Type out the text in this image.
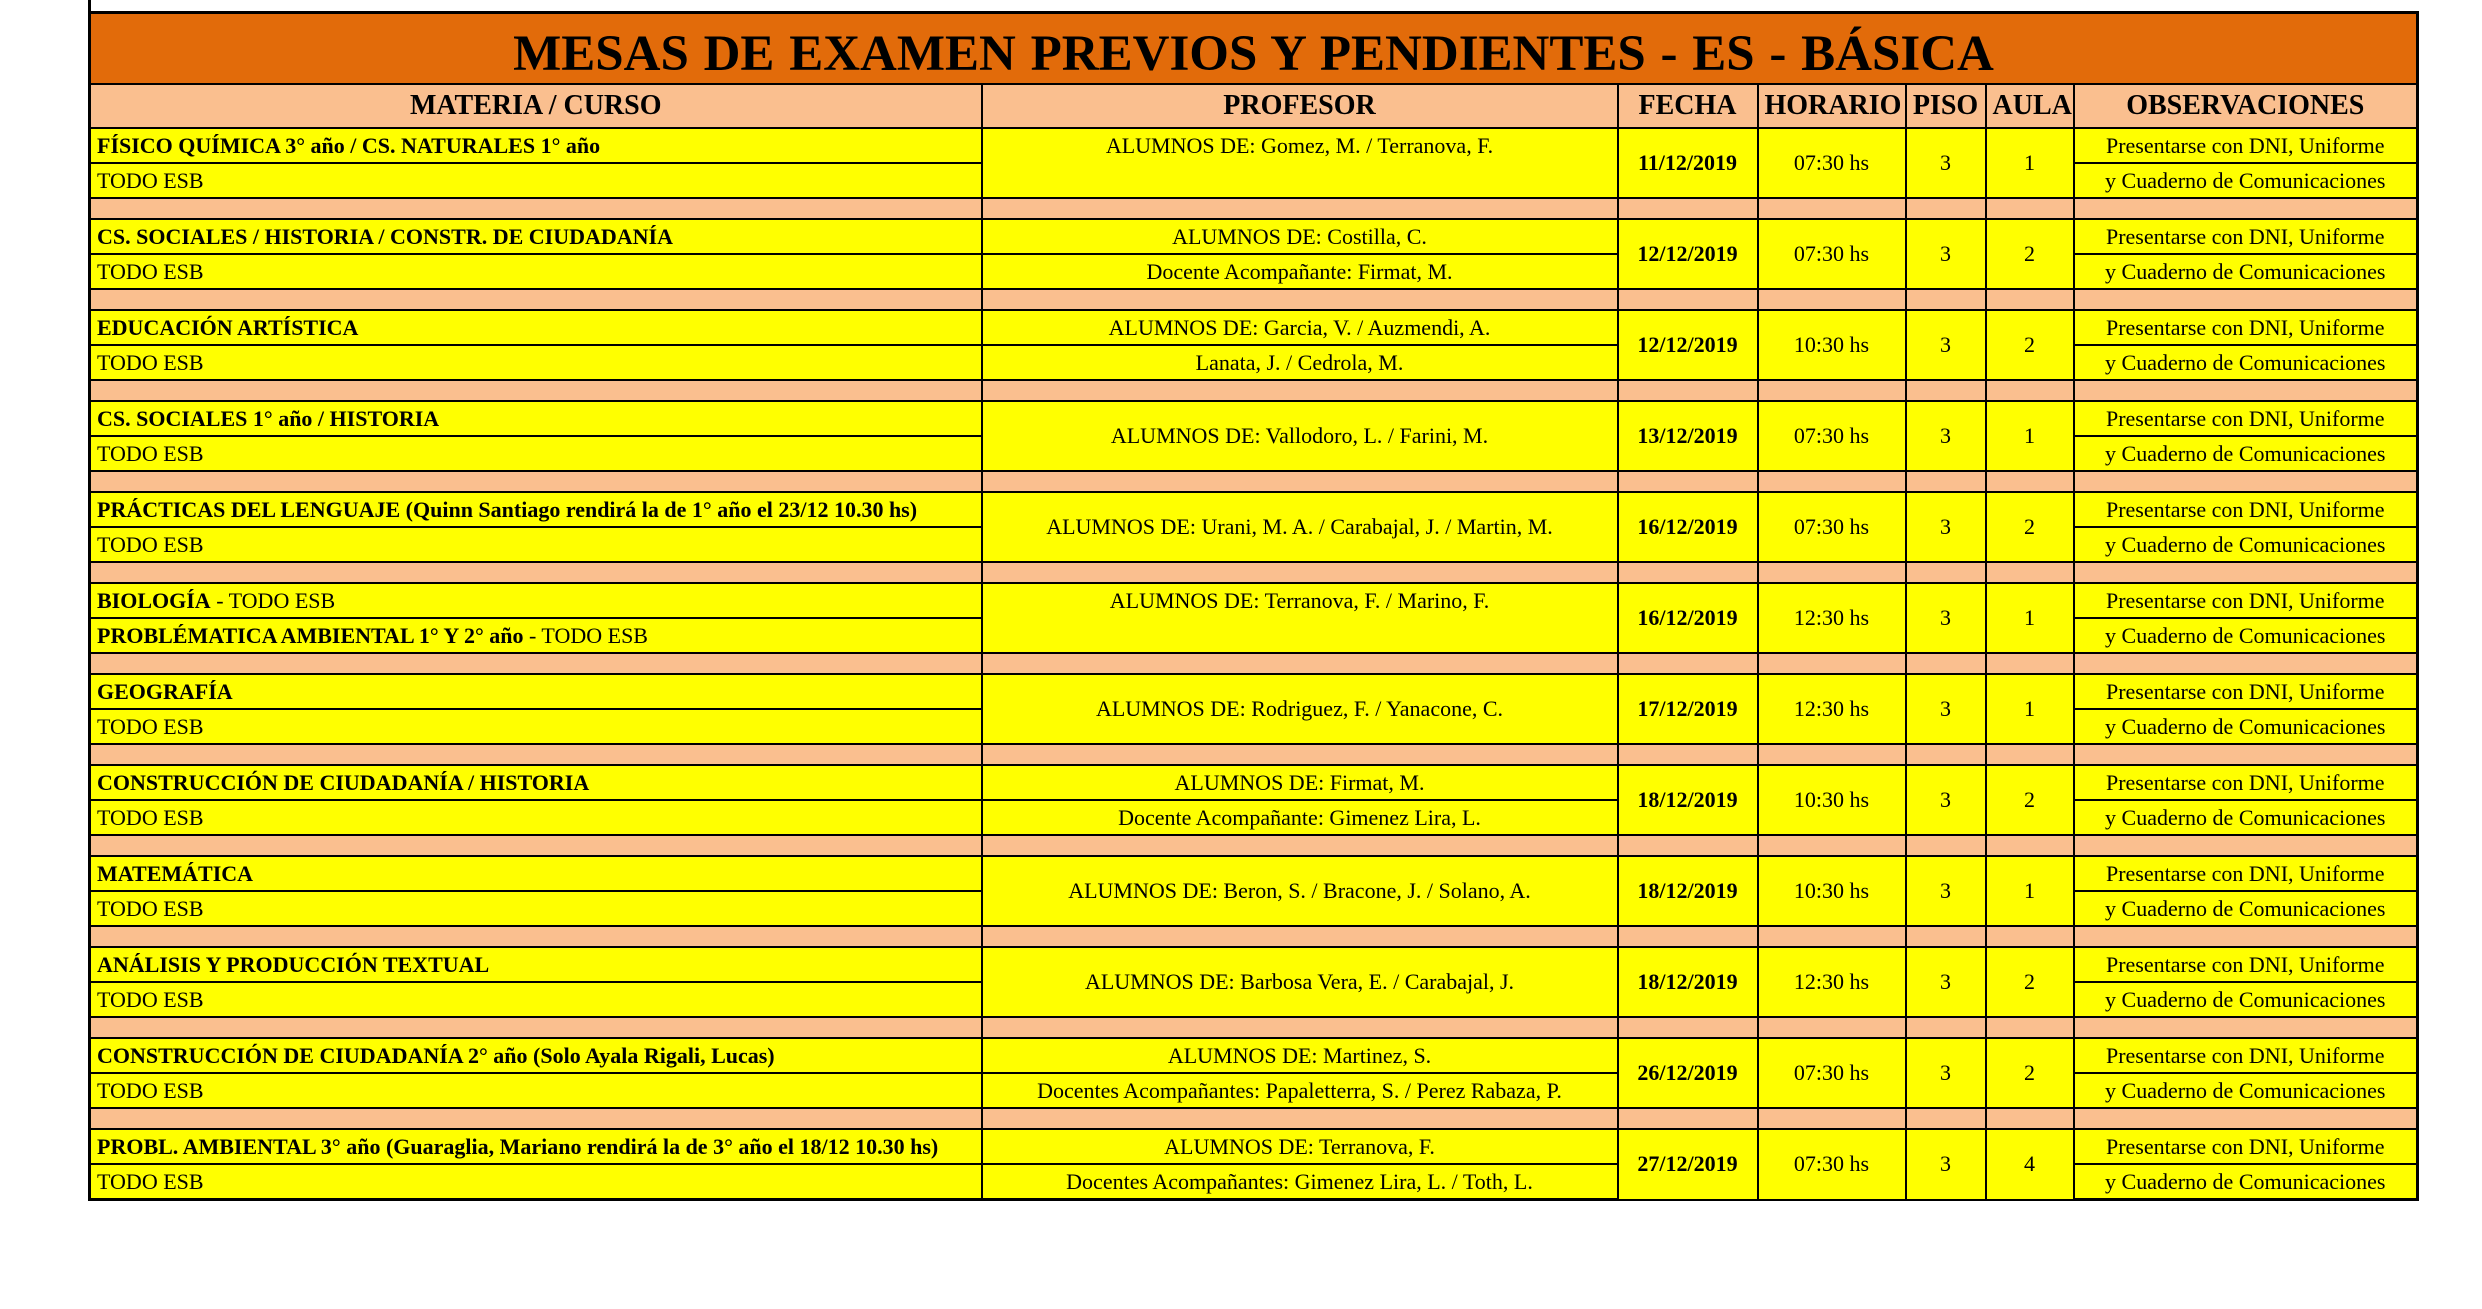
MESAS DE EXAMEN PREVIOS Y PENDIENTES - ES - BÁSICA						
MATERIA / CURSO	PROFESOR	FECHA	HORARIO	PISO	AULA	OBSERVACIONES
FÍSICO QUÍMICA 3° año / CS. NATURALES 1° año	ALUMNOS DE: Gomez, M. / Terranova, F.	11/12/2019	07:30 hs	3	1	Presentarse con DNI, Uniforme
TODO ESB						y Cuaderno de Comunicaciones

CS. SOCIALES / HISTORIA / CONSTR. DE CIUDADANÍA	ALUMNOS DE: Costilla, C.	12/12/2019	07:30 hs	3	2	Presentarse con DNI, Uniforme
TODO ESB	Docente Acompañante: Firmat, M.					y Cuaderno de Comunicaciones

EDUCACIÓN ARTÍSTICA	ALUMNOS DE: Garcia, V. / Auzmendi, A.	12/12/2019	10:30 hs	3	2	Presentarse con DNI, Uniforme
TODO ESB	Lanata, J. / Cedrola, M.					y Cuaderno de Comunicaciones

CS. SOCIALES 1° año / HISTORIA	ALUMNOS DE: Vallodoro, L. / Farini, M.	13/12/2019	07:30 hs	3	1	Presentarse con DNI, Uniforme
TODO ESB						y Cuaderno de Comunicaciones

PRÁCTICAS DEL LENGUAJE (Quinn Santiago rendirá la de 1° año el 23/12 10.30 hs)	ALUMNOS DE: Urani, M. A. / Carabajal, J. / Martin, M.	16/12/2019	07:30 hs	3	2	Presentarse con DNI, Uniforme
TODO ESB						y Cuaderno de Comunicaciones

BIOLOGÍA - TODO ESB	ALUMNOS DE: Terranova, F. / Marino, F.	16/12/2019	12:30 hs	3	1	Presentarse con DNI, Uniforme
PROBLÉMATICA AMBIENTAL 1° Y 2° año - TODO ESB						y Cuaderno de Comunicaciones

GEOGRAFÍA	ALUMNOS DE: Rodriguez, F. / Yanacone, C.	17/12/2019	12:30 hs	3	1	Presentarse con DNI, Uniforme
TODO ESB						y Cuaderno de Comunicaciones

CONSTRUCCIÓN DE CIUDADANÍA / HISTORIA	ALUMNOS DE: Firmat, M.	18/12/2019	10:30 hs	3	2	Presentarse con DNI, Uniforme
TODO ESB	Docente Acompañante: Gimenez Lira, L.					y Cuaderno de Comunicaciones

MATEMÁTICA	ALUMNOS DE: Beron, S. / Bracone, J. / Solano, A.	18/12/2019	10:30 hs	3	1	Presentarse con DNI, Uniforme
TODO ESB						y Cuaderno de Comunicaciones

ANÁLISIS Y PRODUCCIÓN TEXTUAL	ALUMNOS DE: Barbosa Vera, E. / Carabajal, J.	18/12/2019	12:30 hs	3	2	Presentarse con DNI, Uniforme
TODO ESB						y Cuaderno de Comunicaciones

CONSTRUCCIÓN DE CIUDADANÍA 2° año (Solo Ayala Rigali, Lucas)	ALUMNOS DE: Martinez, S.	26/12/2019	07:30 hs	3	2	Presentarse con DNI, Uniforme
TODO ESB	Docentes Acompañantes: Papaletterra, S. / Perez Rabaza, P.					y Cuaderno de Comunicaciones

PROBL. AMBIENTAL 3° año (Guaraglia, Mariano rendirá la de 3° año el 18/12 10.30 hs)	ALUMNOS DE: Terranova, F.	27/12/2019	07:30 hs	3	4	Presentarse con DNI, Uniforme
TODO ESB	Docentes Acompañantes: Gimenez Lira, L. / Toth, L.					y Cuaderno de Comunicaciones
